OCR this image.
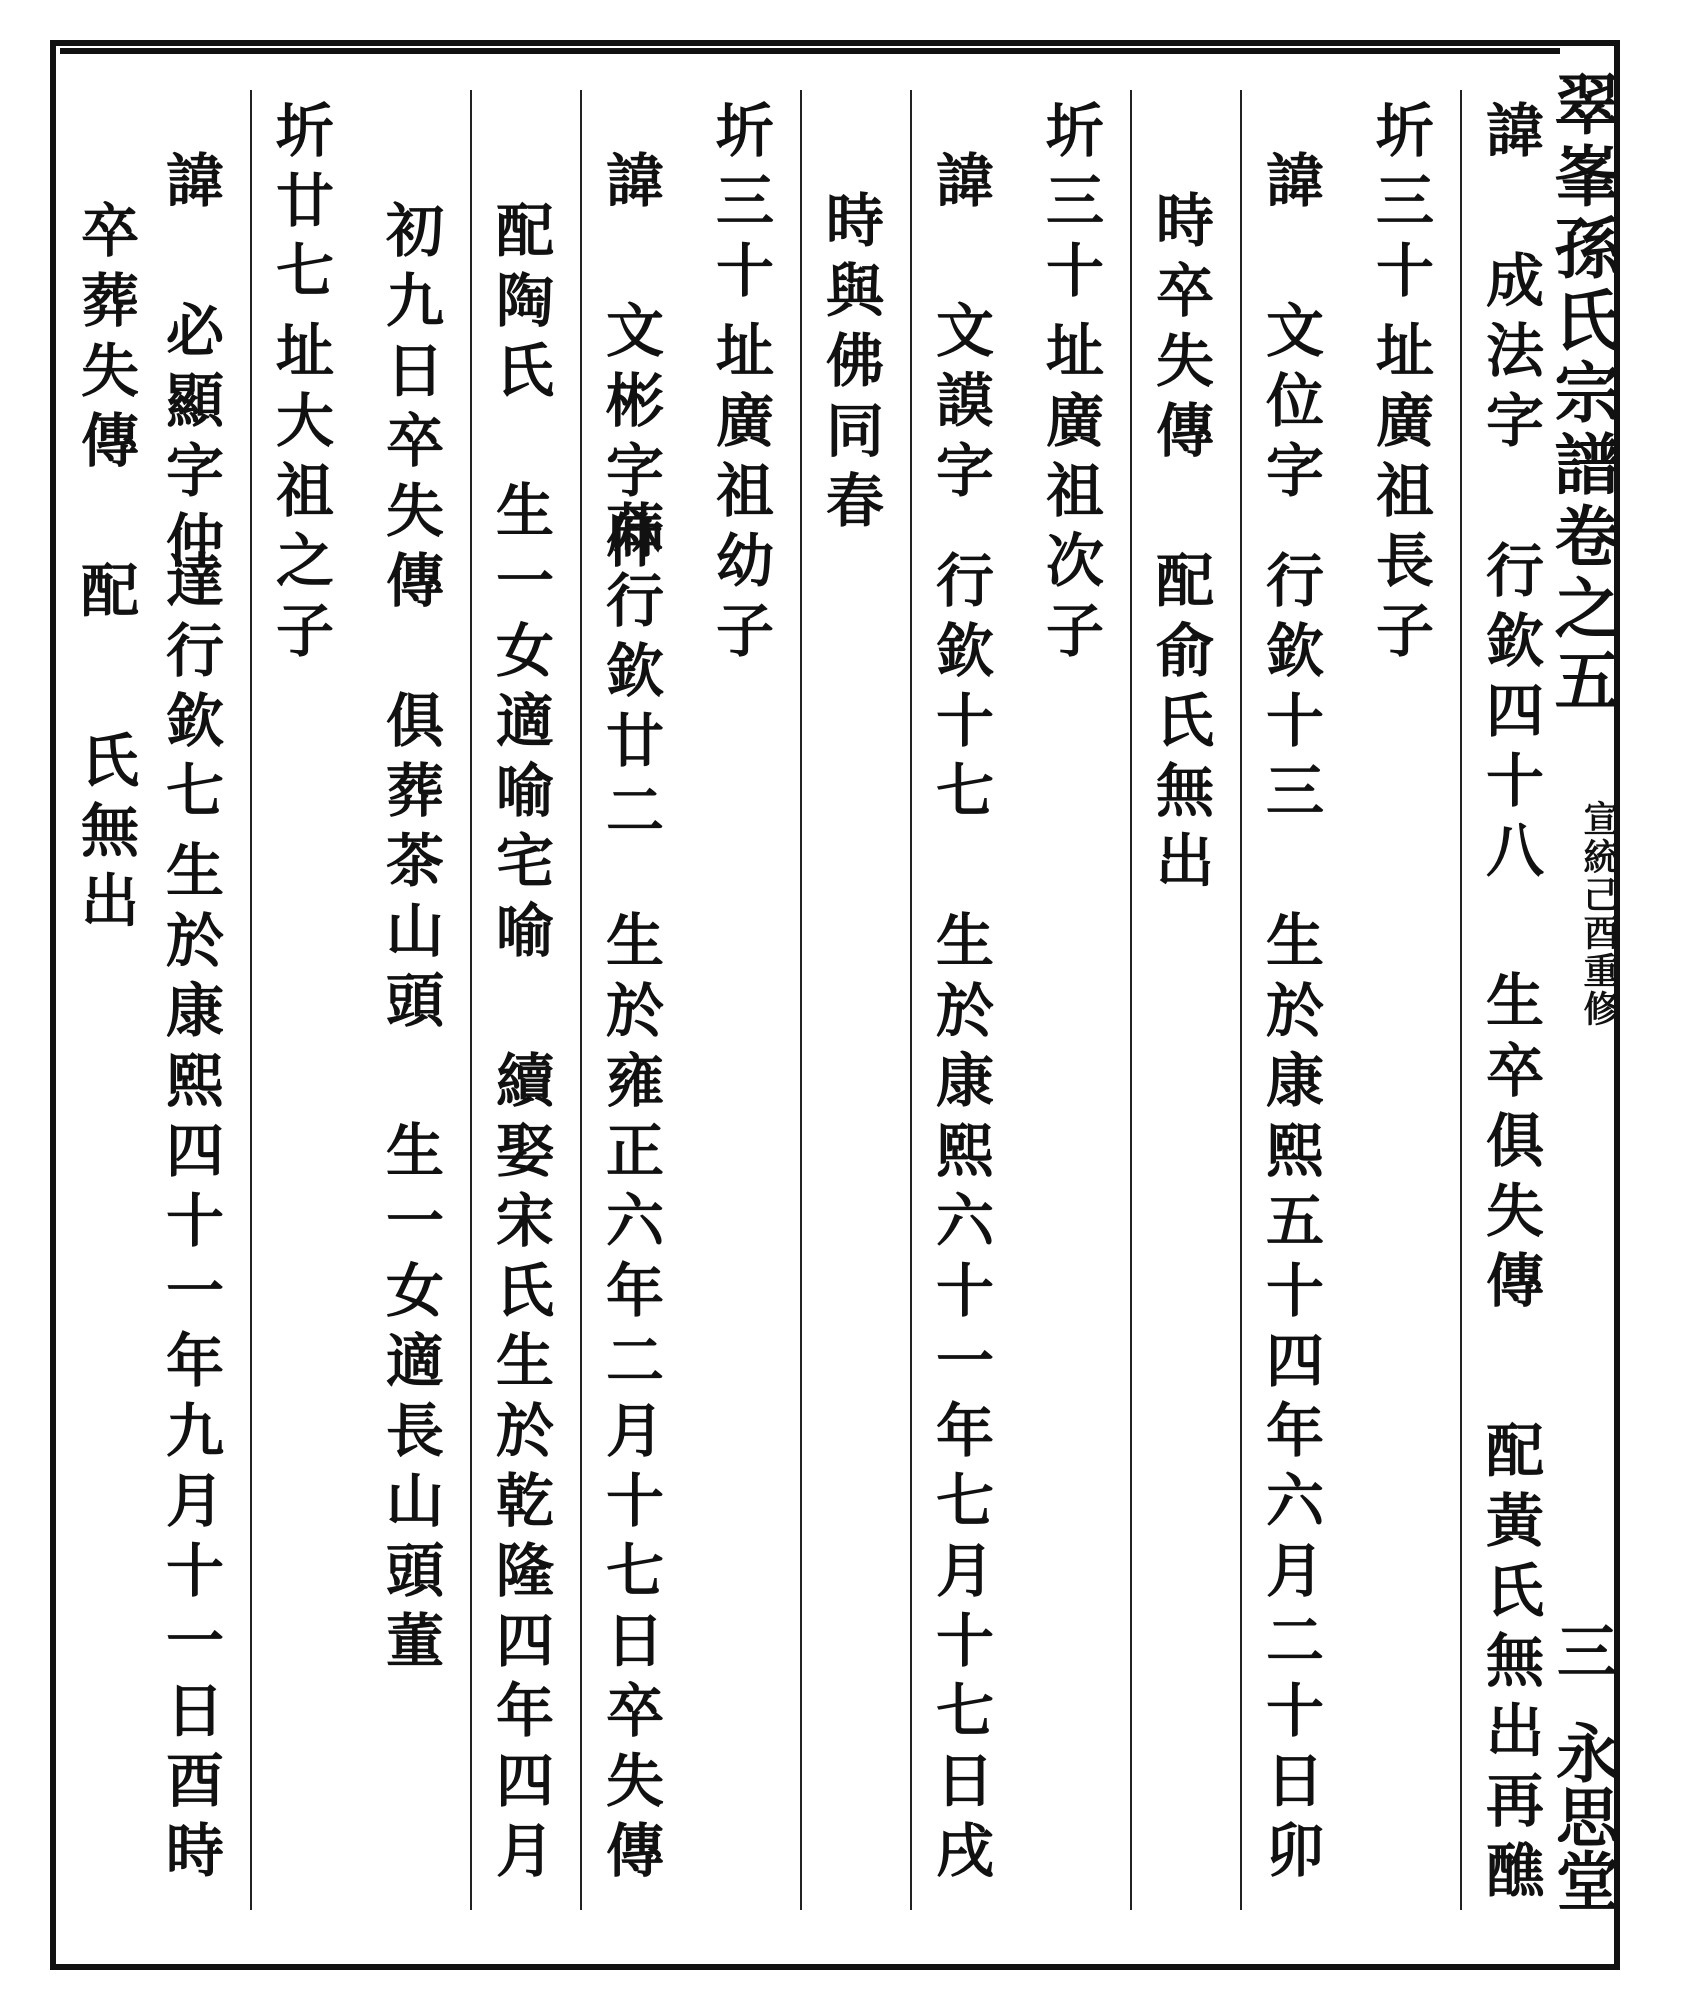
翠峯孫氏宗譜卷之五
宣統己酉重修
三
永思堂
諱 成法字
行欽四十八
生卒俱失傳
配黃氏無出再醮
圻三十
址廣祖長子
諱 文位字
行欽十三
生於康熙五十四年六月二十日卯
時卒失傳
配俞氏無出
圻三十
址廣祖次子
諱 文謨字
行欽十七
生於康熙六十一年七月十七日戌
時與佛同春
圻三十
址廣祖幼子
諱 文彬字仲
蔴行欽廿二
生於雍正六年二月十七日卒失傳
配陶氏
生一女適喻宅喻
續娶宋氏生於乾隆四年四月
初九日卒失傳
俱葬茶山頭
生一女適長山頭董
圻廿七
址大祖之子
諱 必顯字仲
達行欽七
生於康熙四十一年九月十一日酉時
卒葬失傳
配
氏無出
